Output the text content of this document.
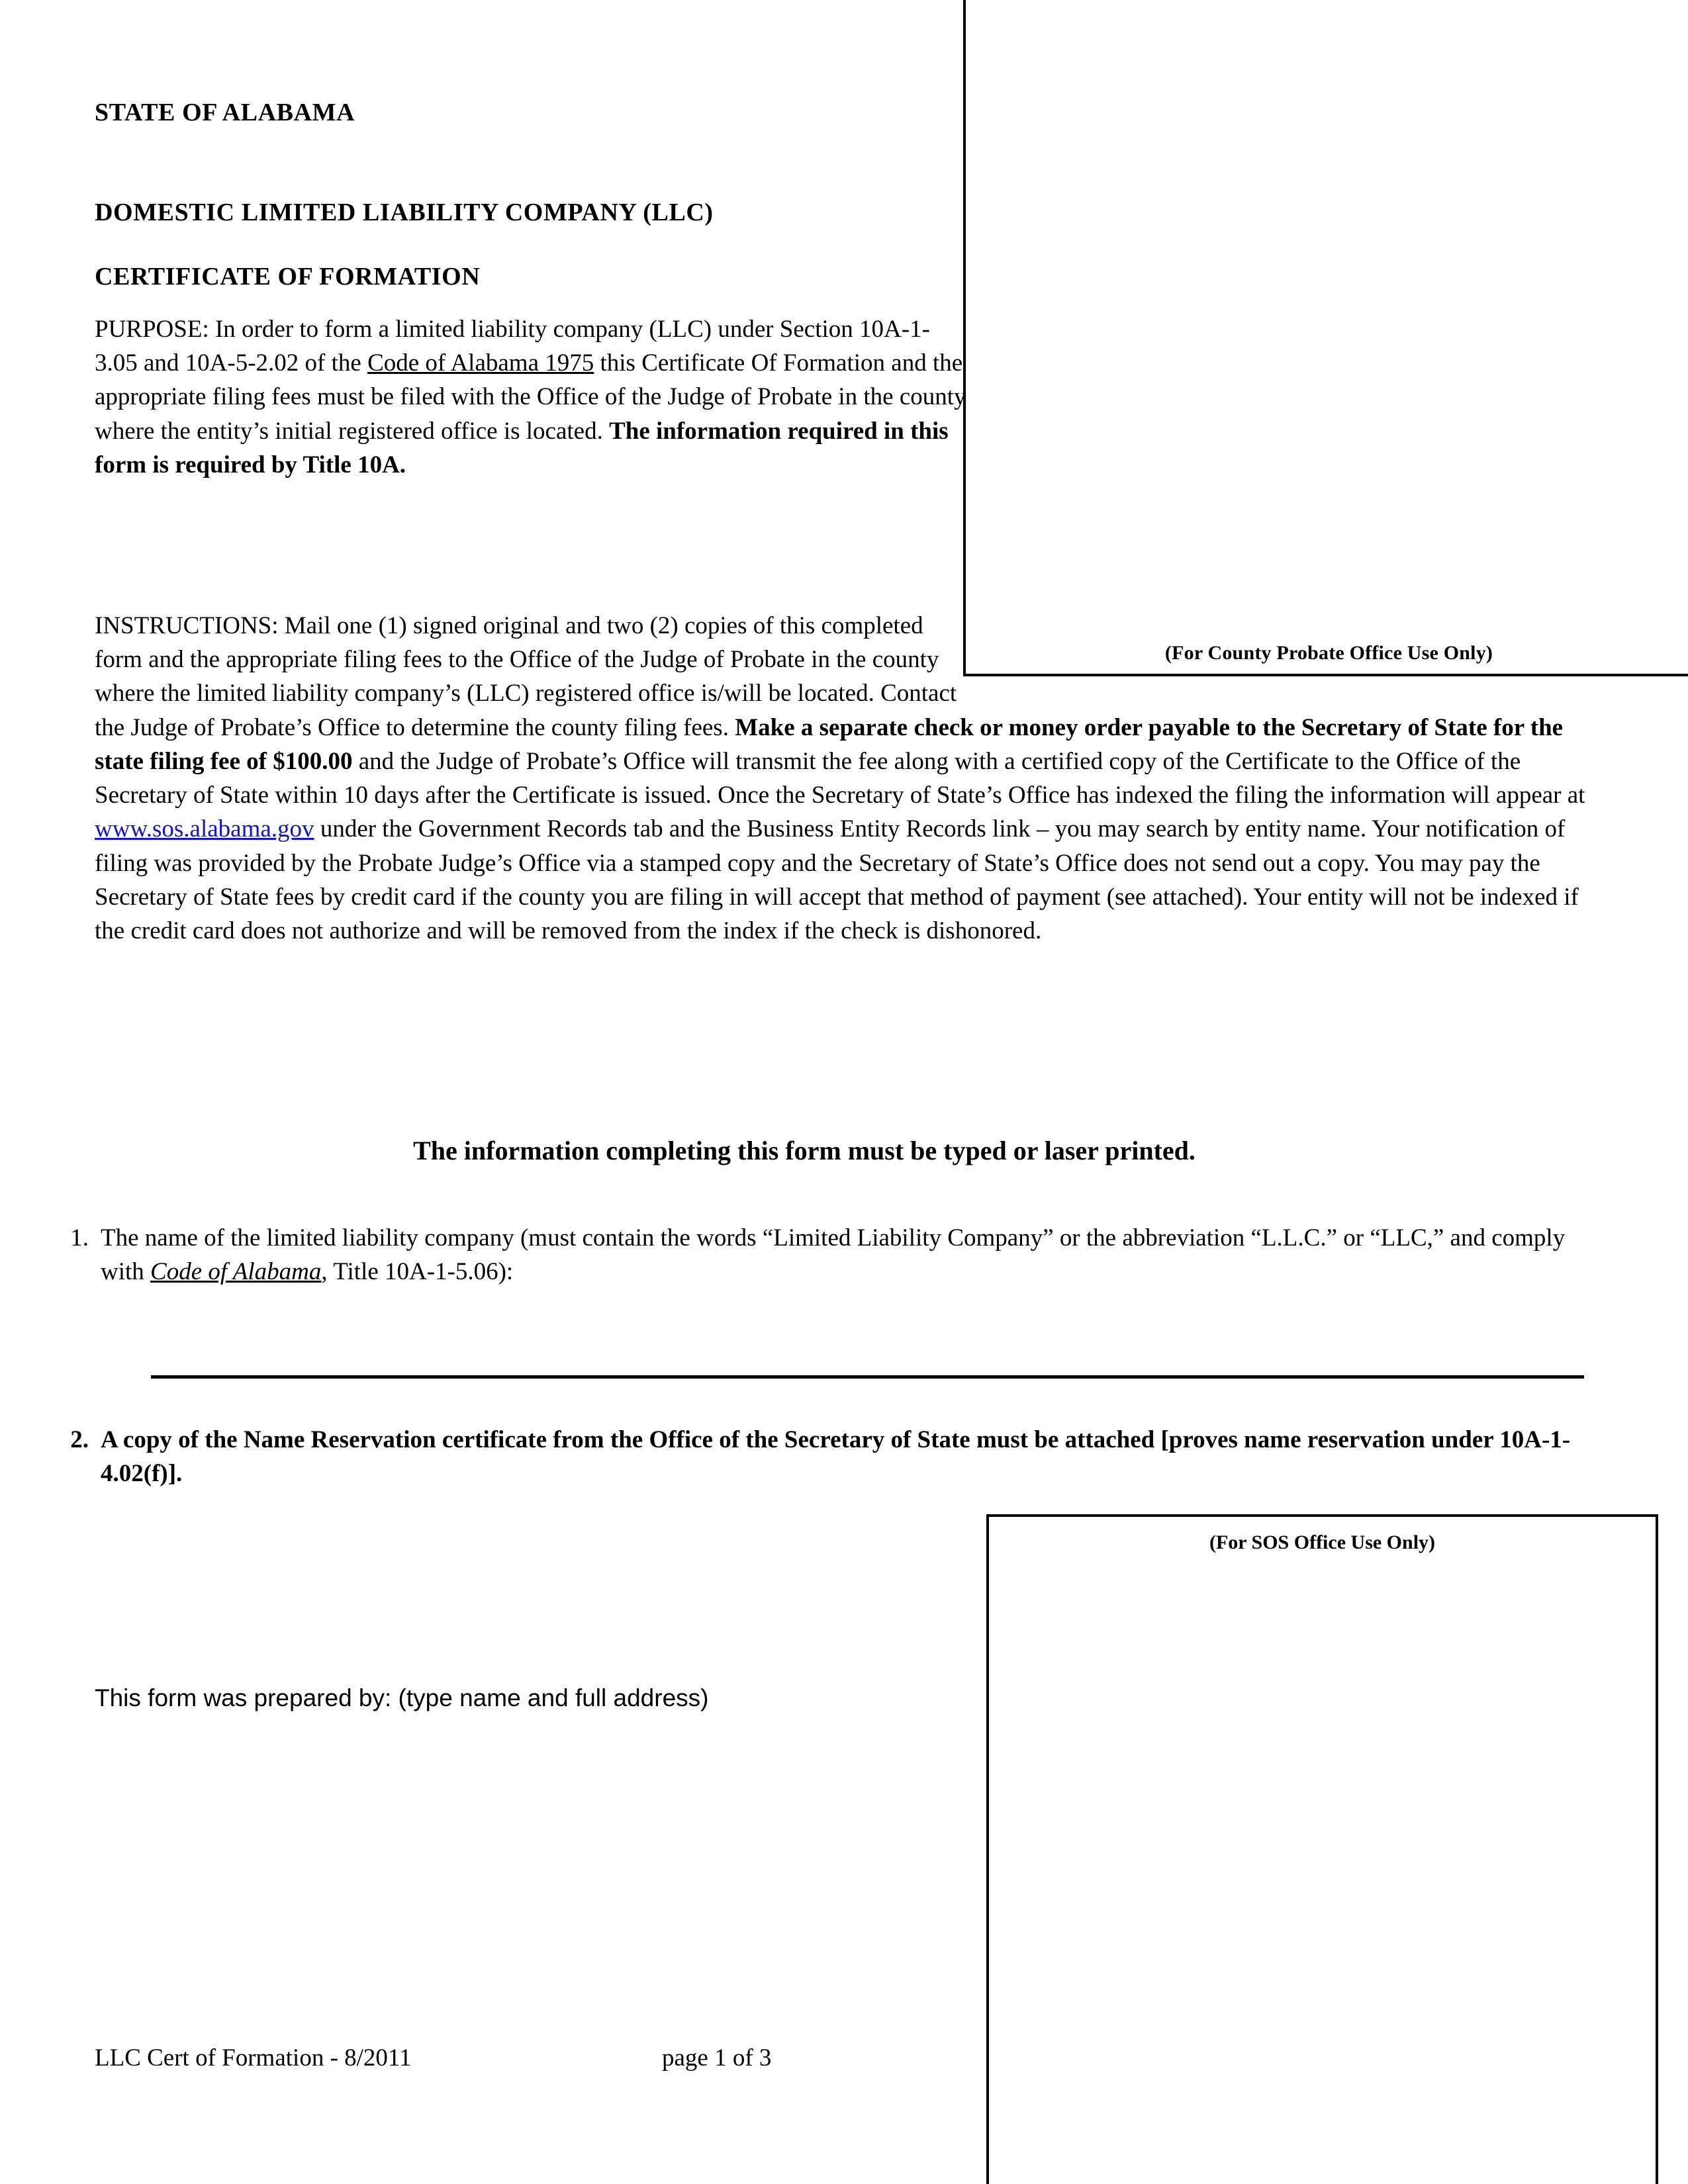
(For County Probate Office Use Only)
STATE OF ALABAMA

DOMESTIC LIMITED LIABILITY COMPANY (LLC)

CERTIFICATE OF FORMATION

PURPOSE: In order to form a limited liability company (LLC) under Section 10A-1-3.05 and 10A-5-2.02 of the Code of Alabama 1975 this Certificate Of Formation and the appropriate filing fees must be filed with the Office of the Judge of Probate in the county where the entity’s initial registered office is located. The information required in this form is required by Title 10A.
INSTRUCTIONS: Mail one (1) signed original and two (2) copies of this completed form and the appropriate filing fees to the Office of the Judge of Probate in the county where the limited liability company’s (LLC) registered office is/will be located. Contact the Judge of Probate’s Office to determine the county filing fees. Make a separate check or money order payable to the Secretary of State for the state filing fee of $100.00 and the Judge of Probate’s Office will transmit the fee along with a certified copy of the Certificate to the Office of the Secretary of State within 10 days after the Certificate is issued. Once the Secretary of State’s Office has indexed the filing the information will appear at www.sos.alabama.gov under the Government Records tab and the Business Entity Records link – you may search by entity name. Your notification of filing was provided by the Probate Judge’s Office via a stamped copy and the Secretary of State’s Office does not send out a copy. You may pay the Secretary of State fees by credit card if the county you are filing in will accept that method of payment (see attached). Your entity will not be indexed if the credit card does not authorize and will be removed from the index if the check is dishonored.
The information completing this form must be typed or laser printed.
1. The name of the limited liability company (must contain the words “Limited Liability Company” or the abbreviation “L.L.C.” or “LLC,” and comply with Code of Alabama, Title 10A-1-5.06):
2. A copy of the Name Reservation certificate from the Office of the Secretary of State must be attached [proves name reservation under 10A-1-4.02(f)].
(For SOS Office Use Only)
This form was prepared by: (type name and full address)
LLC Cert of Formation - 8/2011	page 1 of 3
